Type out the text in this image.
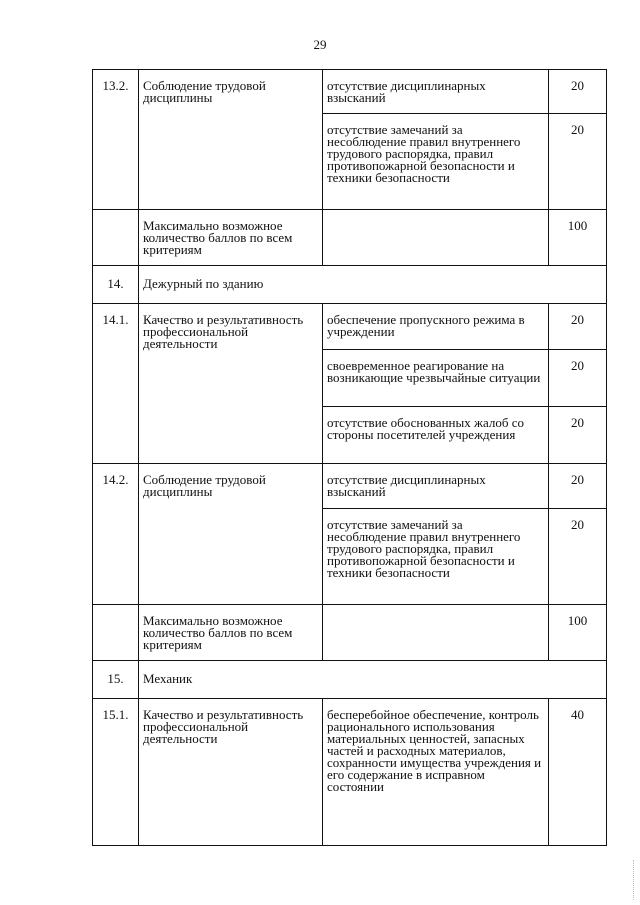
29
13.2.	Соблюдение трудовой дисциплины	отсутствие дисциплинарных взысканий	20
		отсутствие замечаний за несоблюдение правил внутреннего трудового распорядка, правил противопожарной безопасности и техники безопасности	20
	Максимально возможное количество баллов по всем критериям		100
14.	Дежурный по зданию		
14.1.	Качество и результативность профессиональной деятельности	обеспечение пропускного режима в учреждении	20
		своевременное реагирование на возникающие чрезвычайные ситуации	20
		отсутствие обоснованных жалоб со стороны посетителей учреждения	20
14.2.	Соблюдение трудовой дисциплины	отсутствие дисциплинарных взысканий	20
		отсутствие замечаний за несоблюдение правил внутреннего трудового распорядка, правил противопожарной безопасности и техники безопасности	20
	Максимально возможное количество баллов по всем критериям		100
15.	Механик		
15.1.	Качество и результативность профессиональной деятельности	бесперебойное обеспечение, контроль рационального использования материальных ценностей, запасных частей и расходных материалов, сохранности имущества учреждения и его содержание в исправном состоянии	40
